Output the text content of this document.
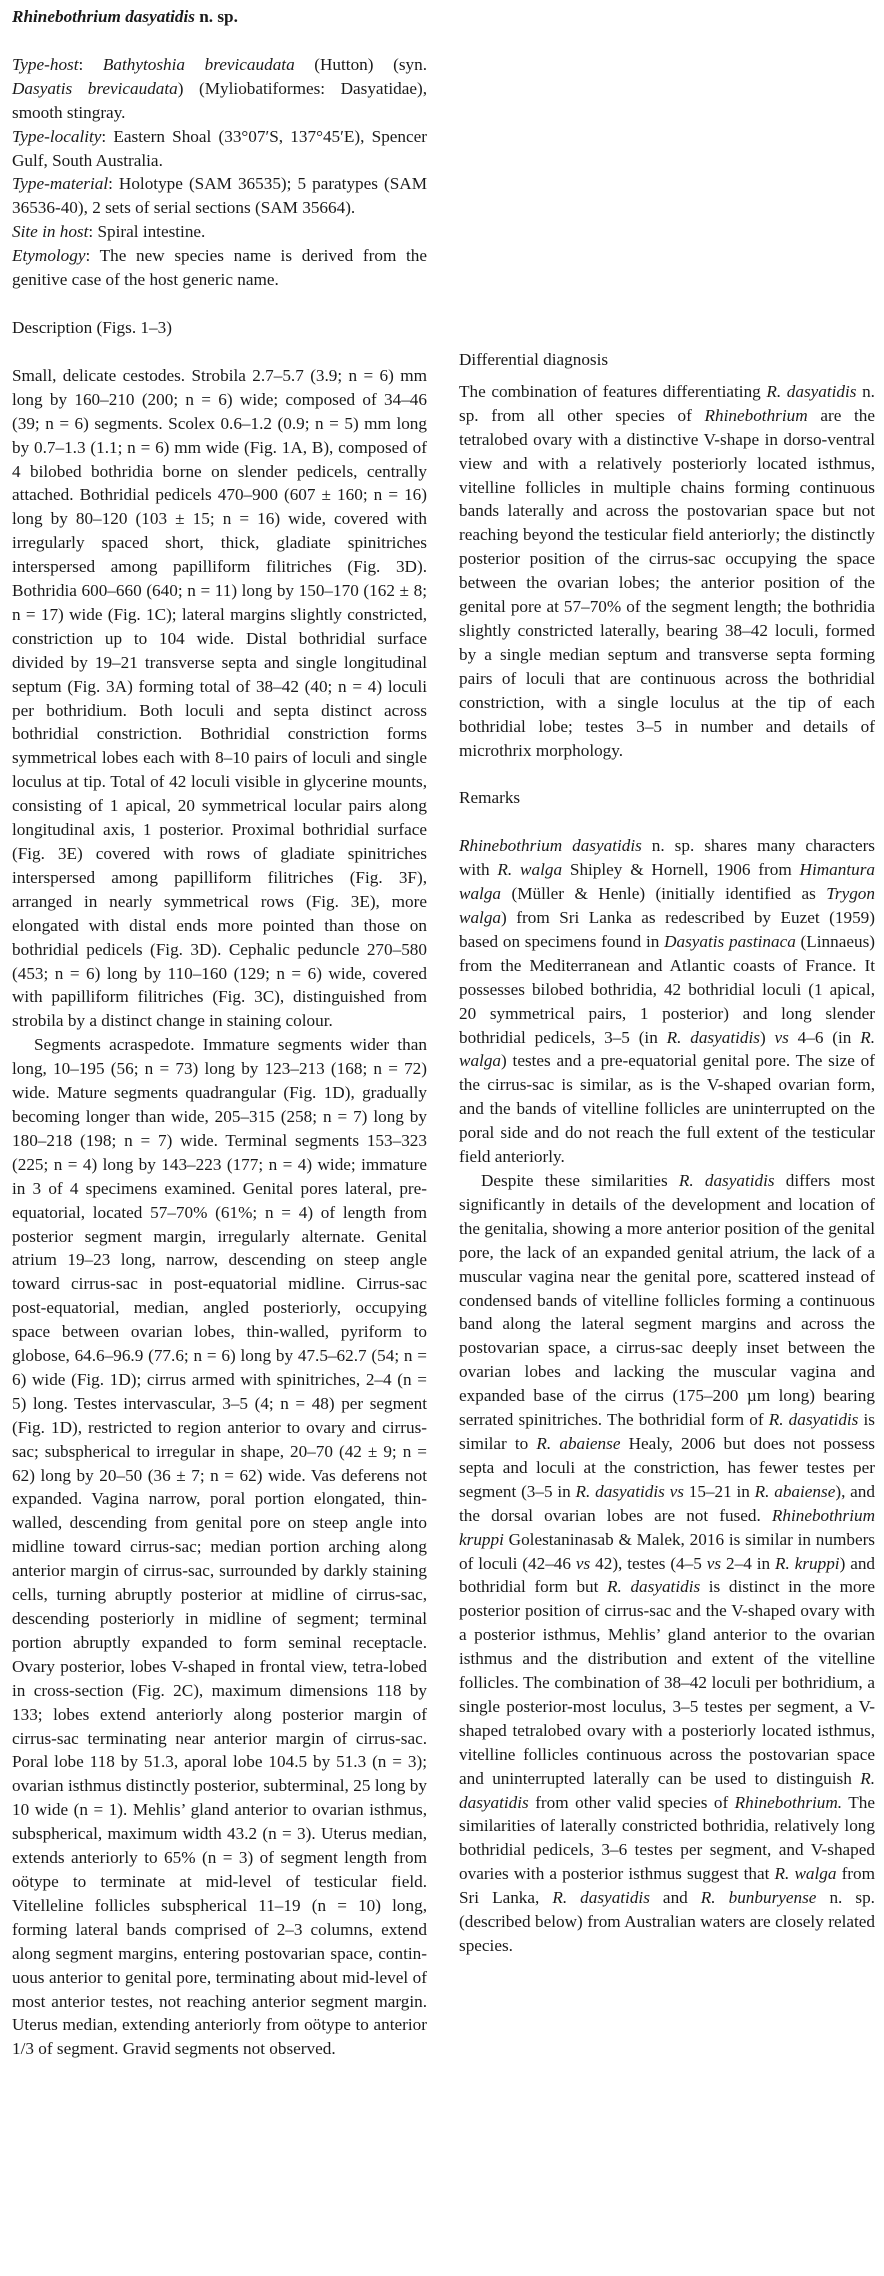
Rhinebothrium dasyatidis n. sp.

Type-host: Bathytoshia brevicaudata (Hutton) (syn. Dasyatis brevicaudata) (Myliobatiformes: Dasyatidae), smooth stingray.

Type-locality: Eastern Shoal (33°07′S, 137°45′E), Spencer Gulf, South Australia.

Type-material: Holotype (SAM 36535); 5 paratypes (SAM 36536-40), 2 sets of serial sections (SAM 35664).

Site in host: Spiral intestine.

Etymology: The new species name is derived from the genitive case of the host generic name.

Description (Figs. 1–3)

Small, delicate cestodes. Strobila 2.7–5.7 (3.9; n = 6) mm long by 160–210 (200; n = 6) wide; composed of 34–46 (39; n = 6) segments. Scolex 0.6–1.2 (0.9; n = 5) mm long by 0.7–1.3 (1.1; n = 6) mm wide (Fig. 1A, B), composed of 4 bilobed bothridia borne on slender pedicels, centrally attached. Bothridial pedicels 470–900 (607 ± 160; n = 16) long by 80–120 (103 ± 15; n = 16) wide, covered with irregularly spaced short, thick, gladiate spinitriches interspersed among papilliform filitriches (Fig. 3D). Bothridia 600–660 (640; n = 11) long by 150–170 (162 ± 8; n = 17) wide (Fig. 1C); lateral margins slightly constricted, constriction up to 104 wide. Distal bothridial surface divided by 19–21 transverse septa and single longitudinal septum (Fig. 3A) forming total of 38–42 (40; n = 4) loculi per bothridium. Both loculi and septa distinct across bothridial constriction. Bothridial constriction forms symmetrical lobes each with 8–10 pairs of loculi and single loculus at tip. Total of 42 loculi visible in glycerine mounts, consisting of 1 apical, 20 symmetrical locular pairs along longitudinal axis, 1 posterior. Proximal bothridial surface (Fig. 3E) covered with rows of gladiate spinitriches interspersed among papilliform filitriches (Fig. 3F), arranged in nearly symmetrical rows (Fig. 3E), more elongated with distal ends more pointed than those on bothridial pedicels (Fig. 3D). Cephalic peduncle 270–580 (453; n = 6) long by 110–160 (129; n = 6) wide, covered with papilliform filitriches (Fig. 3C), distinguished from strobila by a distinct change in staining colour.

Segments acraspedote. Immature segments wider than long, 10–195 (56; n = 73) long by 123–213 (168; n = 72) wide. Mature segments quadrangular (Fig. 1D), gradually becoming longer than wide, 205–315 (258; n = 7) long by 180–218 (198; n = 7) wide. Terminal segments 153–323 (225; n = 4) long by 143–223 (177; n = 4) wide; immature in 3 of 4 specimens examined. Genital pores lateral, pre-equatorial, located 57–70% (61%; n = 4) of length from posterior segment margin, irregularly alternate. Genital atrium 19–23 long, narrow, descending on steep angle toward cirrus-sac in post-equatorial midline. Cirrus-sac post-equatorial, median, angled posteriorly, occupying space between ovarian lobes, thin-walled, pyriform to globose, 64.6–96.9 (77.6; n = 6) long by 47.5–62.7 (54; n = 6) wide (Fig. 1D); cirrus armed with spinitriches, 2–4 (n = 5) long. Testes intervascular, 3–5 (4; n = 48) per segment (Fig. 1D), restricted to region anterior to ovary and cirrus-sac; subspherical to irregular in shape, 20–70 (42 ± 9; n = 62) long by 20–50 (36 ± 7; n = 62) wide. Vas deferens not expanded. Vagina narrow, poral portion elongated, thin-walled, descending from genital pore on steep angle into midline toward cirrus-sac; median portion arching along anterior margin of cirrus-sac, surrounded by darkly staining cells, turning abruptly posterior at midline of cirrus-sac, descending posteriorly in midline of segment; terminal portion abruptly expanded to form seminal receptacle. Ovary posterior, lobes V-shaped in frontal view, tetra-lobed in cross-section (Fig. 2C), maximum dimensions 118 by 133; lobes extend anteriorly along posterior margin of cirrus-sac terminating near anterior margin of cirrus-sac. Poral lobe 118 by 51.3, aporal lobe 104.5 by 51.3 (n = 3); ovarian isthmus distinctly posterior, subterminal, 25 long by 10 wide (n = 1). Mehlis’ gland anterior to ovarian isthmus, subspherical, maximum width 43.2 (n = 3). Uterus median, extends anteriorly to 65% (n = 3) of segment length from oötype to terminate at mid-level of testicular field. Vitelleline follicles subspherical 11–19 (n = 10) long, forming lateral bands comprised of 2–3 columns, extend along segment margins, entering postovarian space, continuous anterior to genital pore, terminating about mid-level of most anterior testes, not reaching anterior segment margin. Uterus median, extending anteriorly from oötype to anterior 1/3 of segment. Gravid segments not observed.

Differential diagnosis

The combination of features differentiating R. dasyatidis n. sp. from all other species of Rhinebothrium are the tetralobed ovary with a distinctive V-shape in dorso-ventral view and with a relatively posteriorly located isthmus, vitelline follicles in multiple chains forming continuous bands laterally and across the postovarian space but not reaching beyond the testicular field anteriorly; the distinctly posterior position of the cirrus-sac occupying the space between the ovarian lobes; the anterior position of the genital pore at 57–70% of the segment length; the bothridia slightly constricted laterally, bearing 38–42 loculi, formed by a single median septum and transverse septa forming pairs of loculi that are continuous across the bothridial constriction, with a single loculus at the tip of each bothridial lobe; testes 3–5 in number and details of microthrix morphology.

Remarks

Rhinebothrium dasyatidis n. sp. shares many characters with R. walga Shipley & Hornell, 1906 from Himantura walga (Müller & Henle) (initially identified as Trygon walga) from Sri Lanka as redescribed by Euzet (1959) based on specimens found in Dasyatis pastinaca (Linnaeus) from the Mediterranean and Atlantic coasts of France. It possesses bilobed bothridia, 42 bothridial loculi (1 apical, 20 symmetrical pairs, 1 posterior) and long slender bothridial pedicels, 3–5 (in R. dasyatidis) vs 4–6 (in R. walga) testes and a pre-equatorial genital pore. The size of the cirrus-sac is similar, as is the V-shaped ovarian form, and the bands of vitelline follicles are uninterrupted on the poral side and do not reach the full extent of the testicular field anteriorly.

Despite these similarities R. dasyatidis differs most significantly in details of the development and location of the genitalia, showing a more anterior position of the genital pore, the lack of an expanded genital atrium, the lack of a muscular vagina near the genital pore, scattered instead of condensed bands of vitelline follicles forming a continuous band along the lateral segment margins and across the postovarian space, a cirrus-sac deeply inset between the ovarian lobes and lacking the muscular vagina and expanded base of the cirrus (175–200 µm long) bearing serrated spinitriches. The bothridial form of R. dasyatidis is similar to R. abaiense Healy, 2006 but does not possess septa and loculi at the constriction, has fewer testes per segment (3–5 in R. dasyatidis vs 15–21 in R. abaiense), and the dorsal ovarian lobes are not fused. Rhinebothrium kruppi Golestaninasab & Malek, 2016 is similar in numbers of loculi (42–46 vs 42), testes (4–5 vs 2–4 in R. kruppi) and bothridial form but R. dasyatidis is distinct in the more posterior position of cirrus-sac and the V-shaped ovary with a posterior isthmus, Mehlis’ gland anterior to the ovarian isthmus and the distribution and extent of the vitelline follicles. The combination of 38–42 loculi per bothridium, a single posterior-most loculus, 3–5 testes per segment, a V-shaped tetralobed ovary with a posteriorly located isthmus, vitelline follicles continuous across the postovarian space and uninterrupted laterally can be used to distinguish R. dasyatidis from other valid species of Rhinebothrium. The similarities of laterally constricted bothridia, relatively long bothridial pedicels, 3–6 testes per segment, and V-shaped ovaries with a posterior isthmus suggest that R. walga from Sri Lanka, R. dasyatidis and R. bunburyense n. sp. (described below) from Australian waters are closely related species.
